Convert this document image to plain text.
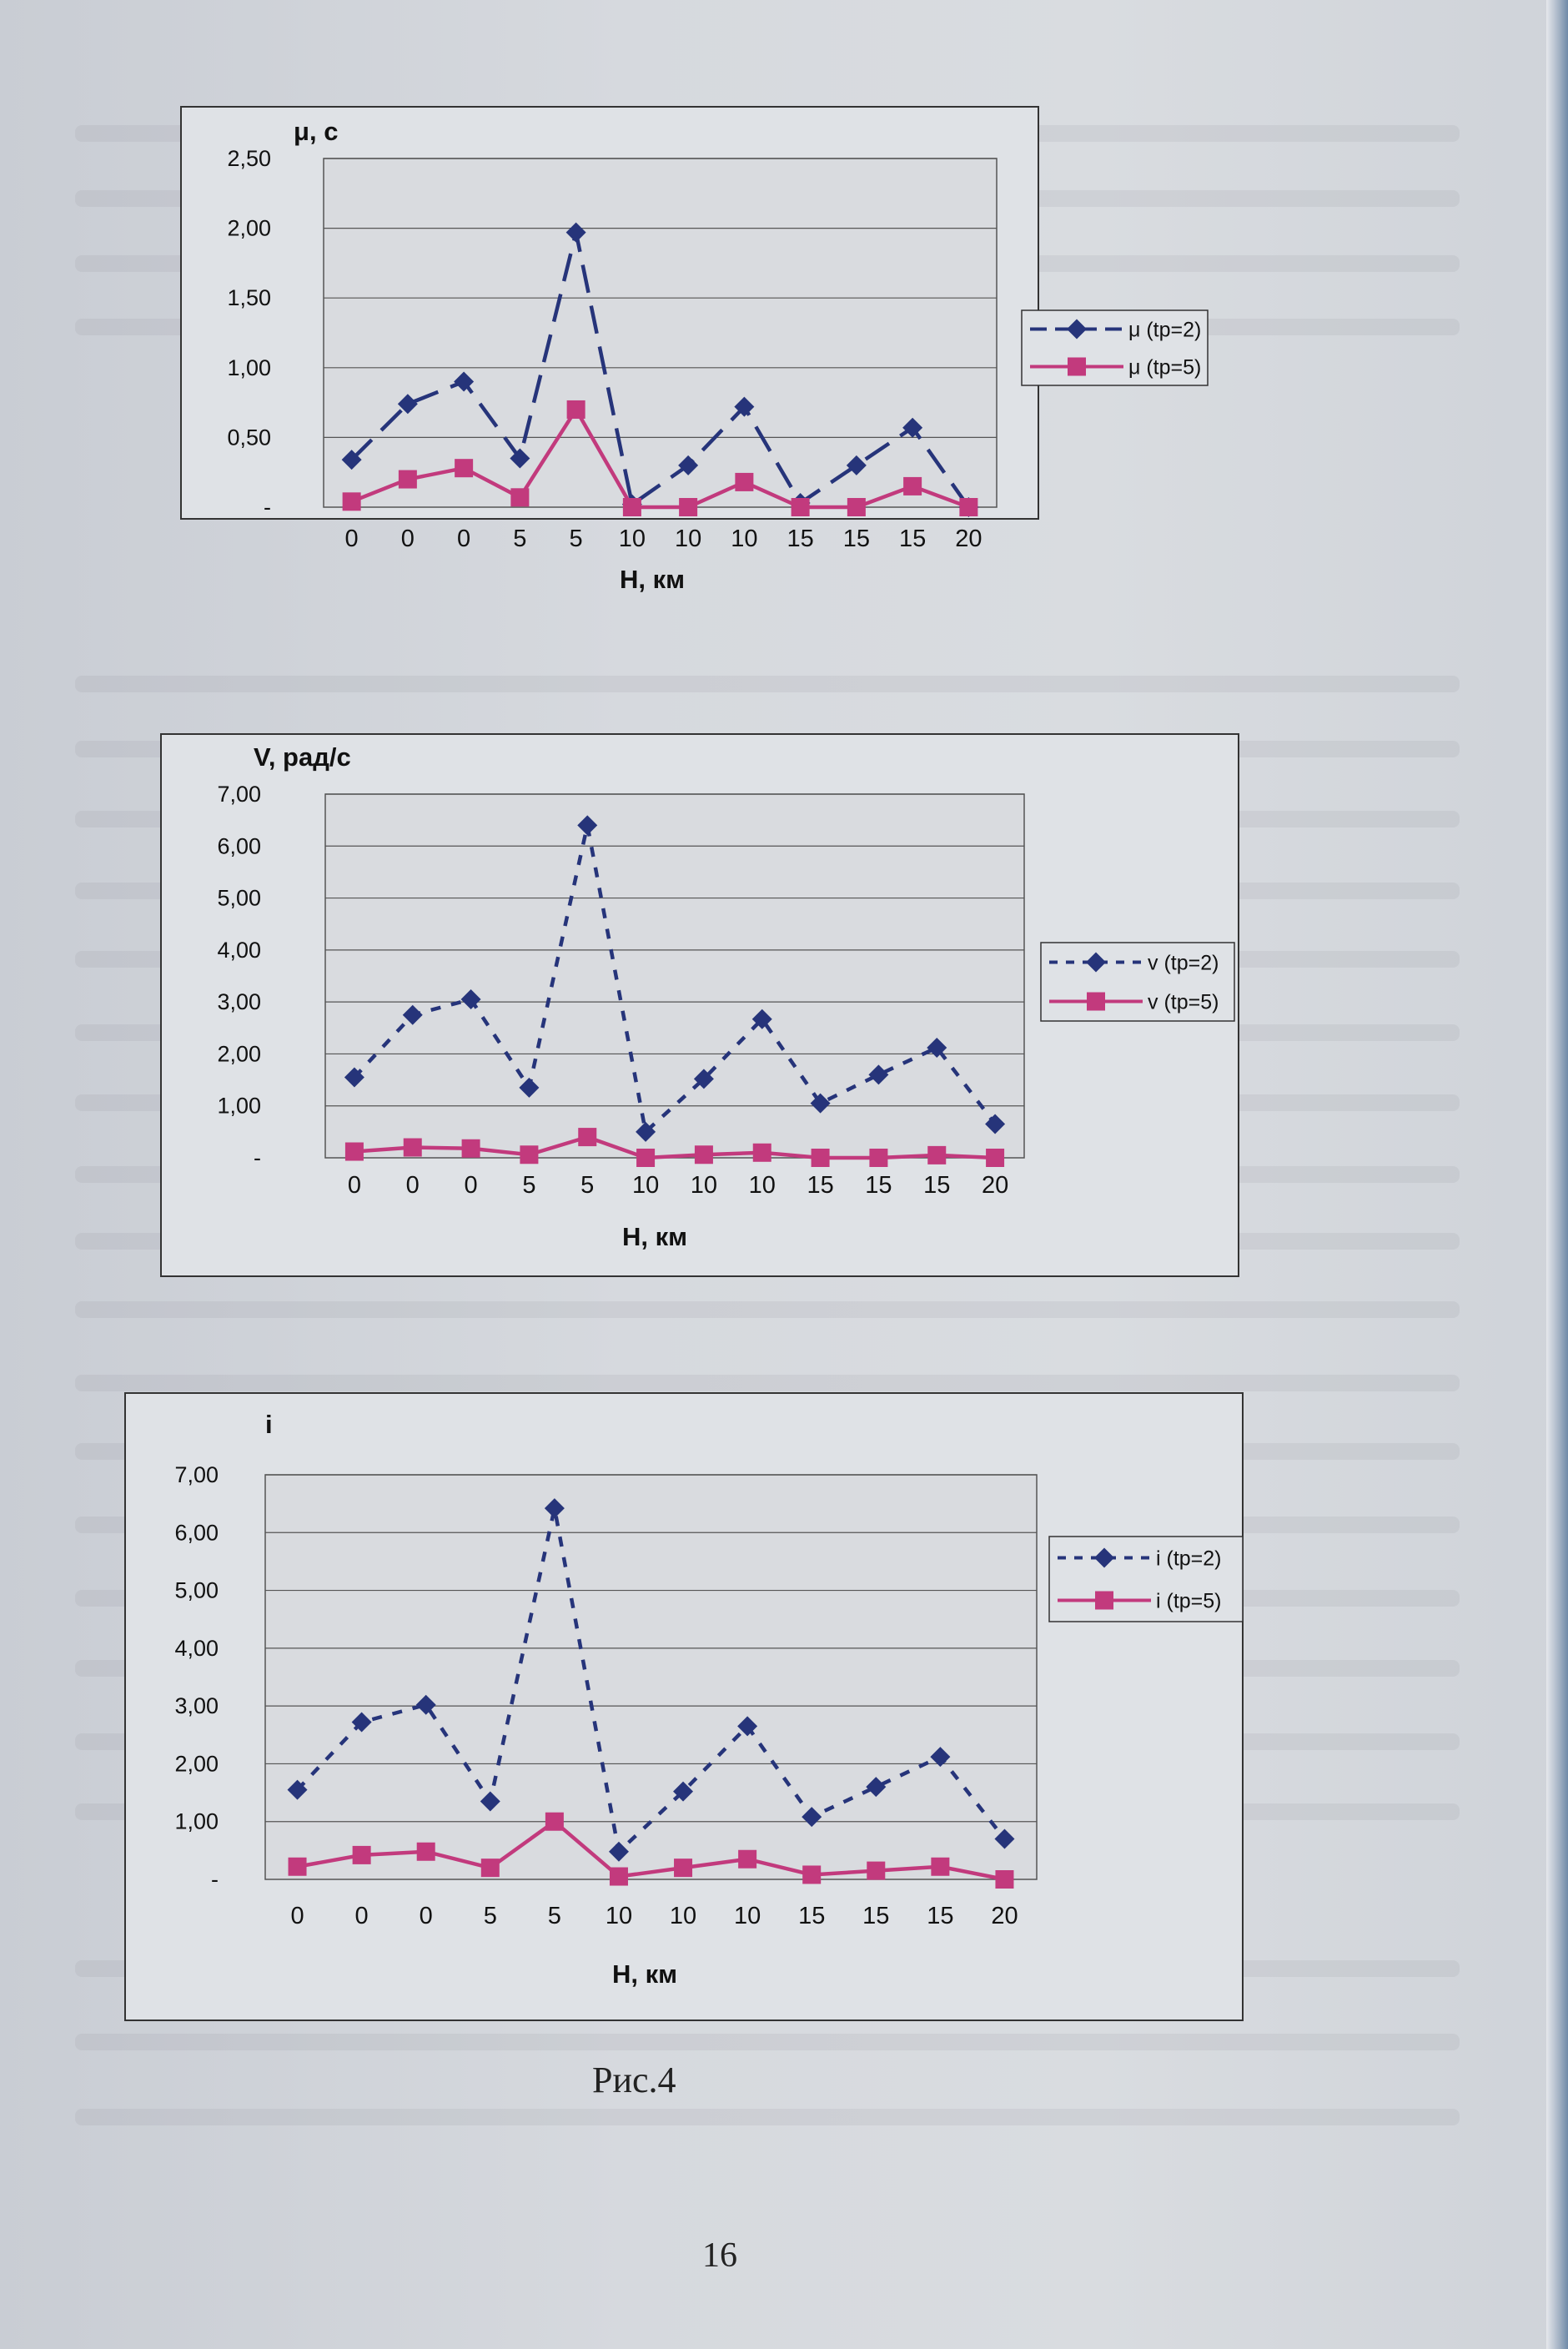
-
0,50
1,00
1,50
2,00
2,50
0 0 0 5 5 10 10 10 15 15 15 20
μ, с
H, км
μ (tp=2)
μ (tp=5)
-
1,00
2,00
3,00
4,00
5,00
6,00
7,00
0 0 0 5 5 10 10 10 15 15 15 20
V, рад/с
H, км
v (tp=2)
v (tp=5)
-
1,00
2,00
3,00
4,00
5,00
6,00
7,00
0 0 0 5 5 10 10 10 15 15 15 20
i
H, км
i (tp=2)
i (tp=5)
Рис.4
16
